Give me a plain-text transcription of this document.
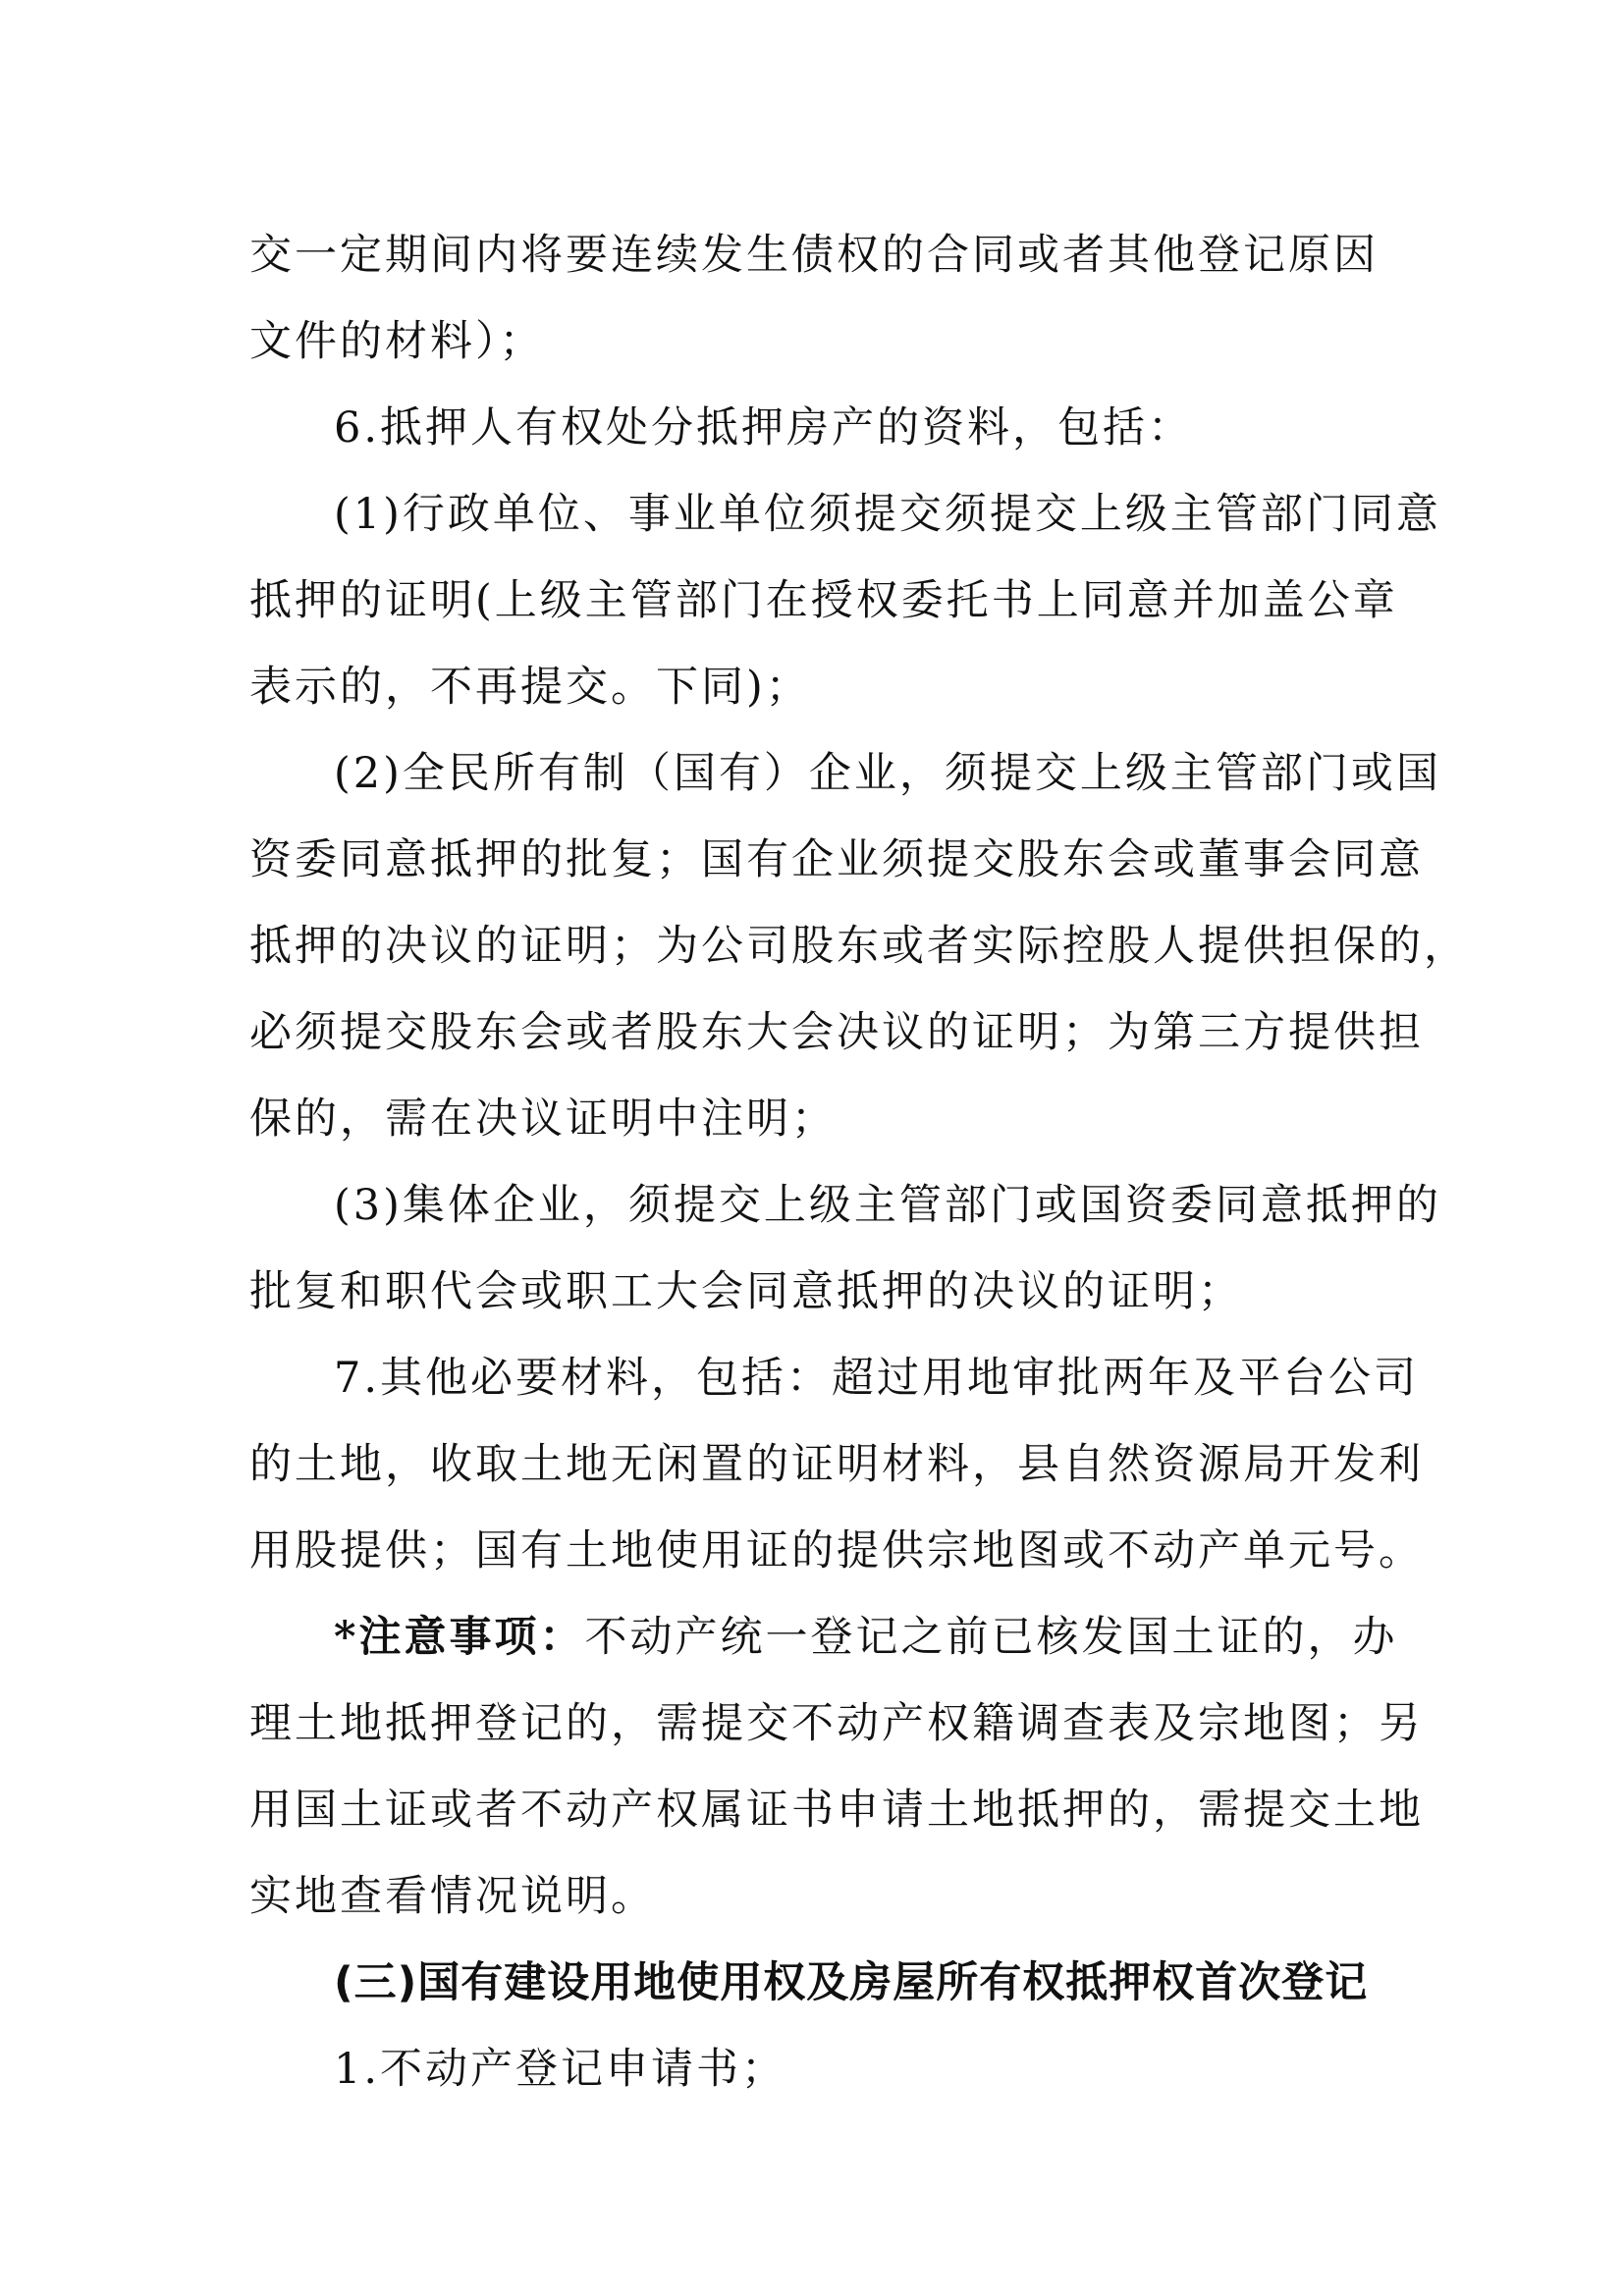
交一定期间内将要连续发生债权的合同或者其他登记原因
文件的材料）；
6.抵押人有权处分抵押房产的资料，包括：
(1)行政单位、事业单位须提交须提交上级主管部门同意
抵押的证明(上级主管部门在授权委托书上同意并加盖公章
表示的，不再提交。下同)；
(2)全民所有制（国有）企业，须提交上级主管部门或国
资委同意抵押的批复；国有企业须提交股东会或董事会同意
抵押的决议的证明；为公司股东或者实际控股人提供担保的，
必须提交股东会或者股东大会决议的证明；为第三方提供担
保的，需在决议证明中注明；
(3)集体企业，须提交上级主管部门或国资委同意抵押的
批复和职代会或职工大会同意抵押的决议的证明；
7.其他必要材料，包括：超过用地审批两年及平台公司
的土地，收取土地无闲置的证明材料，县自然资源局开发利
用股提供；国有土地使用证的提供宗地图或不动产单元号。
*注意事项：不动产统一登记之前已核发国土证的，办
理土地抵押登记的，需提交不动产权籍调查表及宗地图；另
用国土证或者不动产权属证书申请土地抵押的，需提交土地
实地查看情况说明。
(三)国有建设用地使用权及房屋所有权抵押权首次登记
1.不动产登记申请书；
